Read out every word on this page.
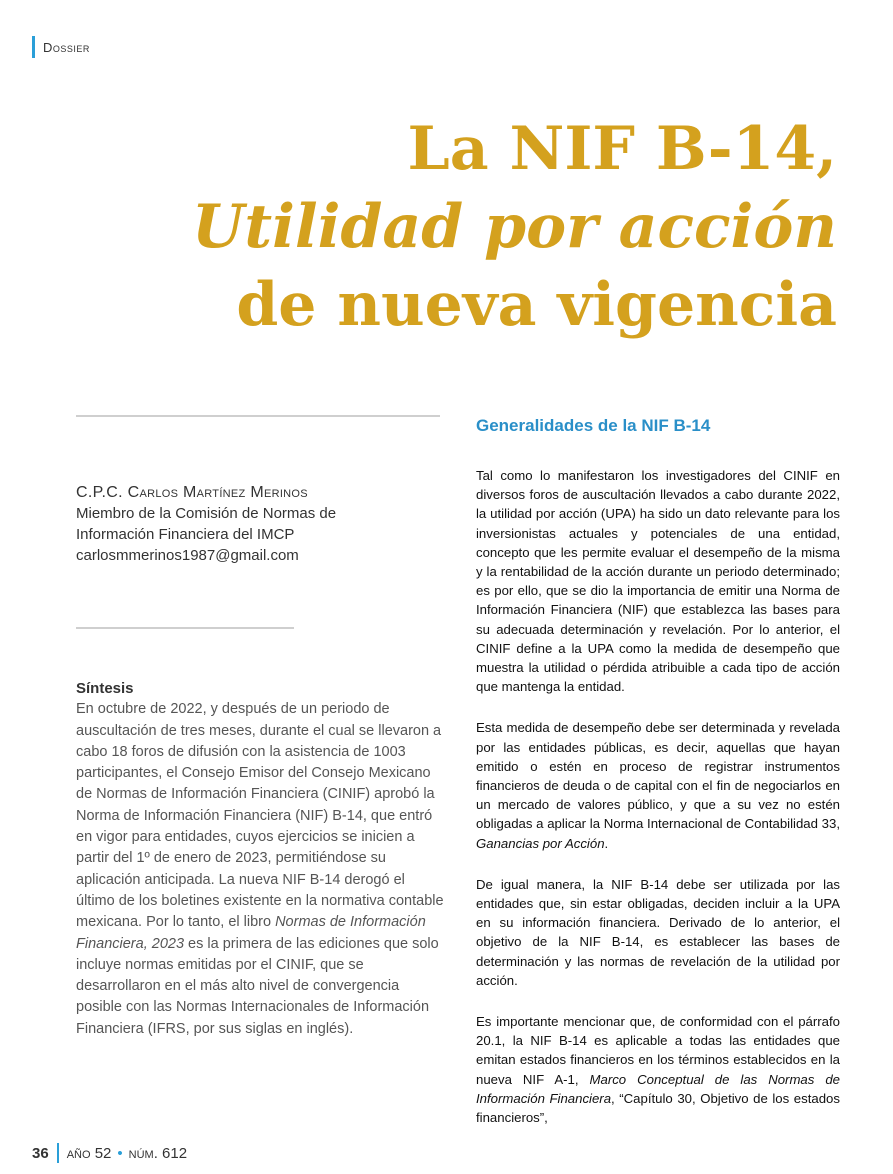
Dossier
La NIF B-14,
Utilidad por acción
de nueva vigencia
C.P.C. Carlos Martínez Merinos
Miembro de la Comisión de Normas de
Información Financiera del IMCP
carlosmmerinos1987@gmail.com
Síntesis
En octubre de 2022, y después de un periodo de auscultación de tres meses, durante el cual se llevaron a cabo 18 foros de difusión con la asistencia de 1003 participantes, el Consejo Emisor del Consejo Mexicano de Normas de Información Financiera (CINIF) aprobó la Norma de Información Financiera (NIF) B-14, que entró en vigor para entidades, cuyos ejercicios se inicien a partir del 1º de enero de 2023, permitiéndose su aplicación anticipada. La nueva NIF B-14 derogó el último de los boletines existente en la normativa contable mexicana. Por lo tanto, el libro Normas de Información Financiera, 2023 es la primera de las ediciones que solo incluye normas emitidas por el CINIF, que se desarrollaron en el más alto nivel de convergencia posible con las Normas Internacionales de Información Financiera (IFRS, por sus siglas en inglés).
Generalidades de la NIF B-14

Tal como lo manifestaron los investigadores del CINIF en diversos foros de auscultación llevados a cabo durante 2022, la utilidad por acción (UPA) ha sido un dato relevante para los inversionistas actuales y potenciales de una entidad, concepto que les permite evaluar el desempeño de la misma y la rentabilidad de la acción durante un periodo determinado; es por ello, que se dio la importancia de emitir una Norma de Información Financiera (NIF) que establezca las bases para su adecuada determinación y revelación. Por lo anterior, el CINIF define a la UPA como la medida de desempeño que muestra la utilidad o pérdida atribuible a cada tipo de acción que mantenga la entidad.

Esta medida de desempeño debe ser determinada y revelada por las entidades públicas, es decir, aquellas que hayan emitido o estén en proceso de registrar instrumentos financieros de deuda o de capital con el fin de negociarlos en un mercado de valores público, y que a su vez no estén obligadas a aplicar la Norma Internacional de Contabilidad 33, Ganancias por Acción.

De igual manera, la NIF B-14 debe ser utilizada por las entidades que, sin estar obligadas, deciden incluir a la UPA en su información financiera. Derivado de lo anterior, el objetivo de la NIF B-14, es establecer las bases de determinación y las normas de revelación de la utilidad por acción.

Es importante mencionar que, de conformidad con el párrafo 20.1, la NIF B-14 es aplicable a todas las entidades que emitan estados financieros en los términos establecidos en la nueva NIF A-1, Marco Conceptual de las Normas de Información Financiera, “Capítulo 30, Objetivo de los estados financieros”,

36 año 52 • núm. 612
